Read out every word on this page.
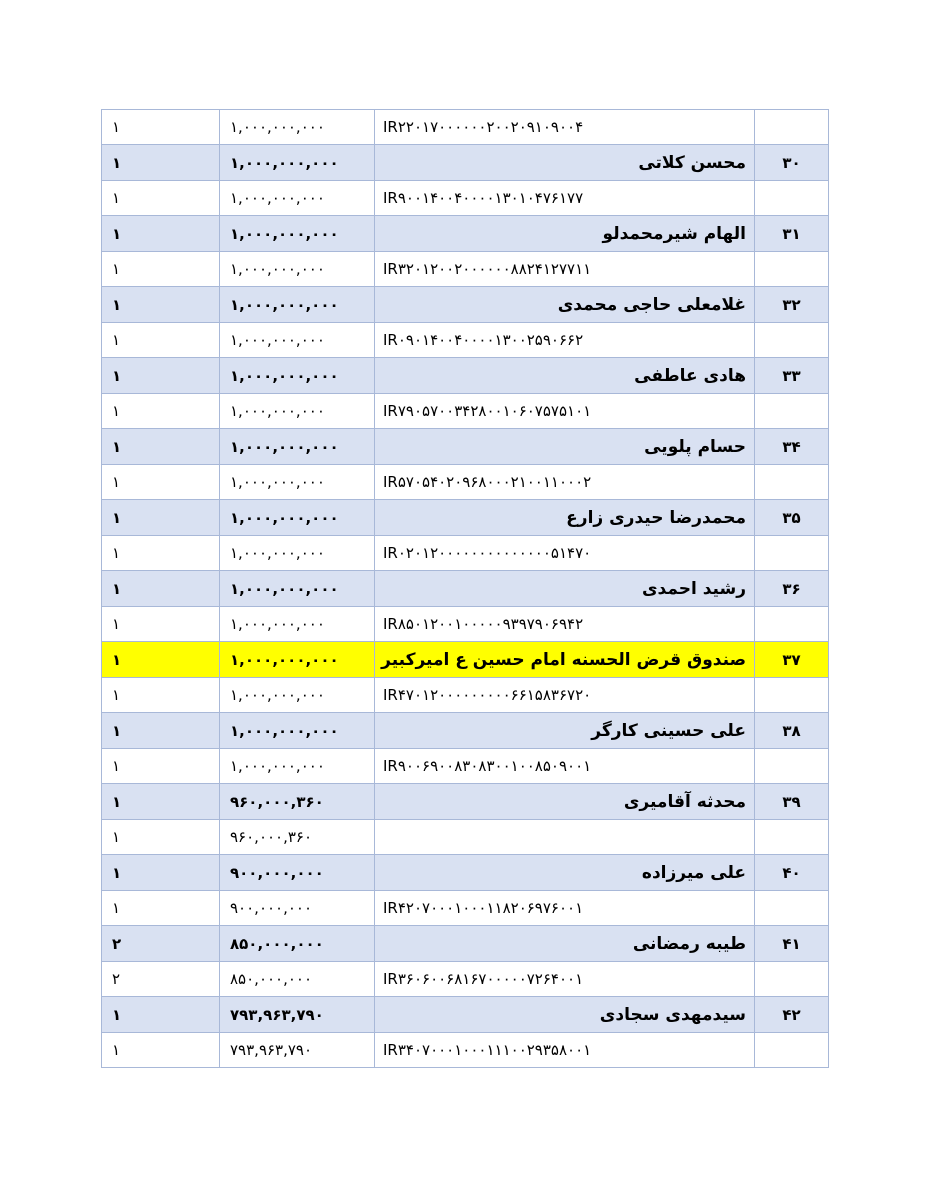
۱	۱,۰۰۰,۰۰۰,۰۰۰	IR۲۲۰۱۷۰۰۰۰۰۰۲۰۰۲۰۹۱۰۹۰۰۴	
۱	۱,۰۰۰,۰۰۰,۰۰۰	محسن کلاتی	۳۰
۱	۱,۰۰۰,۰۰۰,۰۰۰	IR۹۰۰۱۴۰۰۴۰۰۰۰۱۳۰۱۰۴۷۶۱۷۷	
۱	۱,۰۰۰,۰۰۰,۰۰۰	الهام شیرمحمدلو	۳۱
۱	۱,۰۰۰,۰۰۰,۰۰۰	IR۳۲۰۱۲۰۰۲۰۰۰۰۰۰۸۸۲۴۱۲۷۷۱۱	
۱	۱,۰۰۰,۰۰۰,۰۰۰	غلامعلی حاجی محمدی	۳۲
۱	۱,۰۰۰,۰۰۰,۰۰۰	IR۰۹۰۱۴۰۰۴۰۰۰۰۱۳۰۰۲۵۹۰۶۶۲	
۱	۱,۰۰۰,۰۰۰,۰۰۰	هادی عاطفی	۳۳
۱	۱,۰۰۰,۰۰۰,۰۰۰	IR۷۹۰۵۷۰۰۳۴۲۸۰۰۱۰۶۰۷۵۷۵۱۰۱	
۱	۱,۰۰۰,۰۰۰,۰۰۰	حسام پلویی	۳۴
۱	۱,۰۰۰,۰۰۰,۰۰۰	IR۵۷۰۵۴۰۲۰۹۶۸۰۰۰۲۱۰۰۱۱۰۰۰۲	
۱	۱,۰۰۰,۰۰۰,۰۰۰	محمدرضا حیدری زارع	۳۵
۱	۱,۰۰۰,۰۰۰,۰۰۰	IR۰۲۰۱۲۰۰۰۰۰۰۰۰۰۰۰۰۰۰۵۱۴۷۰	
۱	۱,۰۰۰,۰۰۰,۰۰۰	رشید احمدی	۳۶
۱	۱,۰۰۰,۰۰۰,۰۰۰	IR۸۵۰۱۲۰۰۱۰۰۰۰۰۹۳۹۷۹۰۶۹۴۲	
۱	۱,۰۰۰,۰۰۰,۰۰۰	صندوق قرض الحسنه امام حسین ع امیرکبیر	۳۷
۱	۱,۰۰۰,۰۰۰,۰۰۰	IR۴۷۰۱۲۰۰۰۰۰۰۰۰۰۶۶۱۵۸۳۶۷۲۰	
۱	۱,۰۰۰,۰۰۰,۰۰۰	علی حسینی کارگر	۳۸
۱	۱,۰۰۰,۰۰۰,۰۰۰	IR۹۰۰۶۹۰۰۸۳۰۸۳۰۰۱۰۰۸۵۰۹۰۰۱	
۱	۹۶۰,۰۰۰,۳۶۰	محدثه آقامیری	۳۹
۱	۹۶۰,۰۰۰,۳۶۰		
۱	۹۰۰,۰۰۰,۰۰۰	علی میرزاده	۴۰
۱	۹۰۰,۰۰۰,۰۰۰	IR۴۲۰۷۰۰۰۱۰۰۰۱۱۸۲۰۶۹۷۶۰۰۱	
۲	۸۵۰,۰۰۰,۰۰۰	طیبه رمضانی	۴۱
۲	۸۵۰,۰۰۰,۰۰۰	IR۳۶۰۶۰۰۶۸۱۶۷۰۰۰۰۰۷۲۶۴۰۰۱	
۱	۷۹۳,۹۶۳,۷۹۰	سیدمهدی سجادی	۴۲
۱	۷۹۳,۹۶۳,۷۹۰	IR۳۴۰۷۰۰۰۱۰۰۰۱۱۱۰۰۲۹۳۵۸۰۰۱	
